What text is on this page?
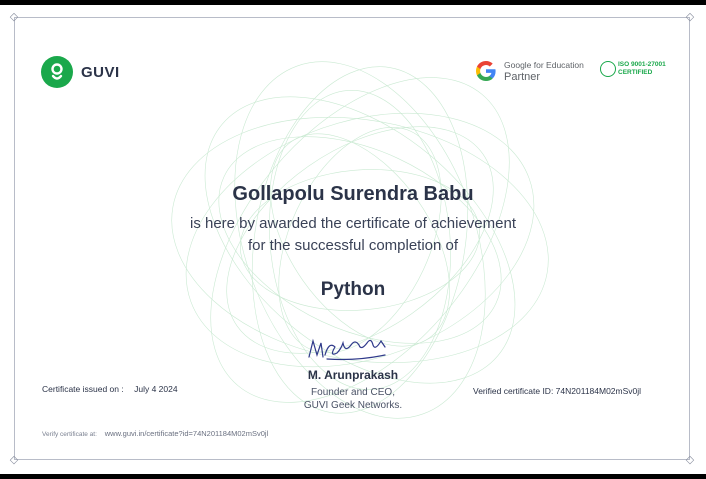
◇	◇
◇	◇
GUVI	Google for Education
Partner
ISO 9001-27001
CERTIFIED
Gollapolu Surendra Babu
is here by awarded the certificate of achievement
for the successful completion of
Python
M. Arunprakash
Founder and CEO,
GUVI Geek Networks.
Certificate issued on : July 4 2024	Verified certificate ID: 74N201184M02mSv0jl
Verify certificate at: www.guvi.in/certificate?id=74N201184M02mSv0jl
